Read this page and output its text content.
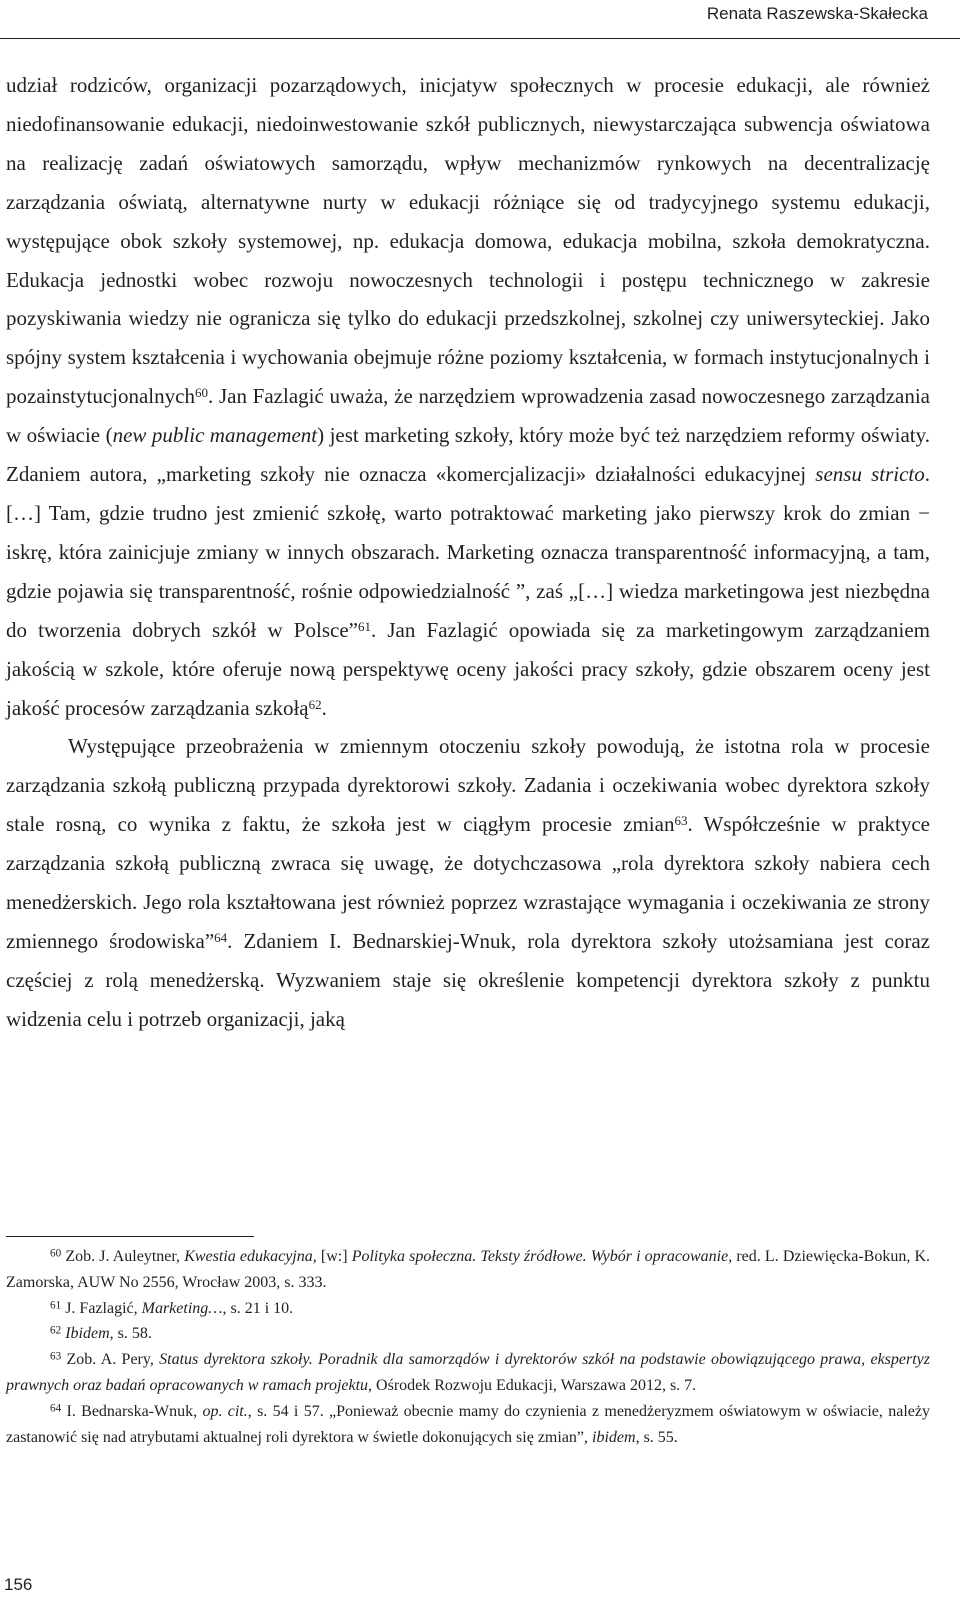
Renata Raszewska-Skałecka

udział rodziców, organizacji pozarządowych, inicjatyw społecznych w procesie edukacji, ale również niedofinansowanie edukacji, niedoinwestowanie szkół publicznych, niewystarczająca subwencja oświatowa na realizację zadań oświatowych samorządu, wpływ mechanizmów rynkowych na decentralizację zarządzania oświatą, alternatywne nurty w edukacji różniące się od tradycyjnego systemu edukacji, występujące obok szkoły systemowej, np. edukacja domowa, edukacja mobilna, szkoła demokratyczna. Edukacja jednostki wobec rozwoju nowoczesnych technologii i postępu technicznego w zakresie pozyskiwania wiedzy nie ogranicza się tylko do edukacji przedszkolnej, szkolnej czy uniwersyteckiej. Jako spójny system kształcenia i wychowania obejmuje różne poziomy kształcenia, w formach instytucjonalnych i pozainstytucjonalnych$^{60}$. Jan Fazlagić uważa, że narzędziem wprowadzenia zasad nowoczesnego zarządzania w oświacie (new public management) jest marketing szkoły, który może być też narzędziem reformy oświaty. Zdaniem autora, „marketing szkoły nie oznacza «komercjalizacji» działalności edukacyjnej sensu stricto. […] Tam, gdzie trudno jest zmienić szkołę, warto potraktować marketing jako pierwszy krok do zmian − iskrę, która zainicjuje zmiany w innych obszarach. Marketing oznacza transparentność informacyjną, a tam, gdzie pojawia się transparentność, rośnie odpowiedzialność ”, zaś „[…] wiedza marketingowa jest niezbędna do tworzenia dobrych szkół w Polsce”$^{61}$. Jan Fazlagić opowiada się za marketingowym zarządzaniem jakością w szkole, które oferuje nową perspektywę oceny jakości pracy szkoły, gdzie obszarem oceny jest jakość procesów zarządzania szkołą$^{62}$.

Występujące przeobrażenia w zmiennym otoczeniu szkoły powodują, że istotna rola w procesie zarządzania szkołą publiczną przypada dyrektorowi szkoły. Zadania i oczekiwania wobec dyrektora szkoły stale rosną, co wynika z faktu, że szkoła jest w ciągłym procesie zmian$^{63}$. Współcześnie w praktyce zarządzania szkołą publiczną zwraca się uwagę, że dotychczasowa „rola dyrektora szkoły nabiera cech menedżerskich. Jego rola kształtowana jest również poprzez wzrastające wymagania i oczekiwania ze strony zmiennego środowiska”$^{64}$. Zdaniem I. Bednarskiej-Wnuk, rola dyrektora szkoły utożsamiana jest coraz częściej z rolą menedżerską. Wyzwaniem staje się określenie kompetencji dyrektora szkoły z punktu widzenia celu i potrzeb organizacji, jaką

$^{60}$ Zob. J. Auleytner, Kwestia edukacyjna, [w:] Polityka społeczna. Teksty źródłowe. Wybór i opracowanie, red. L. Dziewięcka-Bokun, K. Zamorska, AUW No 2556, Wrocław 2003, s. 333.

$^{61}$ J. Fazlagić, Marketing…, s. 21 i 10.

$^{62}$ Ibidem, s. 58.

$^{63}$ Zob. A. Pery, Status dyrektora szkoły. Poradnik dla samorządów i dyrektorów szkół na podstawie obowiązującego prawa, ekspertyz prawnych oraz badań opracowanych w ramach projektu, Ośrodek Rozwoju Edukacji, Warszawa 2012, s. 7.

$^{64}$ I. Bednarska-Wnuk, op. cit., s. 54 i 57. „Ponieważ obecnie mamy do czynienia z menedżeryzmem oświatowym w oświacie, należy zastanowić się nad atrybutami aktualnej roli dyrektora w świetle dokonujących się zmian”, ibidem, s. 55.

156
